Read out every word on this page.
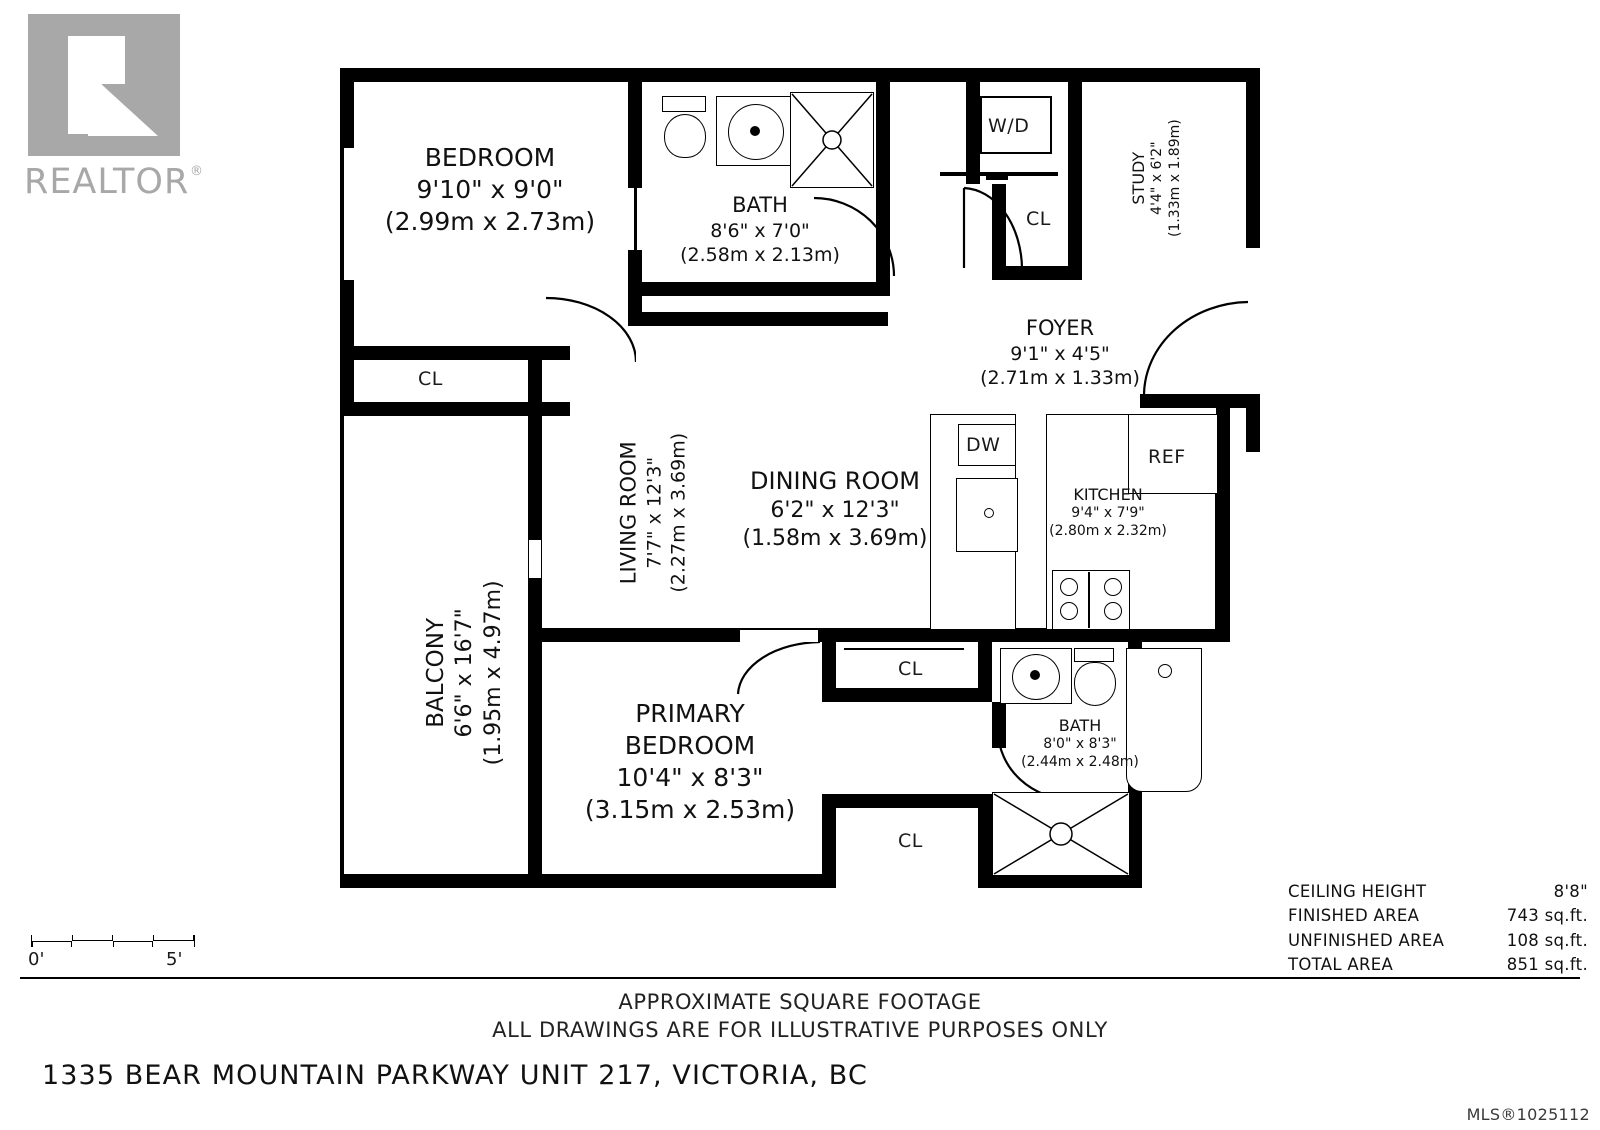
REALTOR ®	BEDROOM
9'10" x 9'0"
(2.99m x 2.73m)
BATH
8'6" x 7'0"
(2.58m x 2.13m)
STUDY 4'4" x 6'2" (1.33m x 1.89m)
FOYER
9'1" x 4'5"
(2.71m x 1.33m)
LIVING ROOM 7'7" x 12'3" (2.27m x 3.69m)	DINING ROOM
6'2" x 12'3"
(1.58m x 3.69m)
KITCHEN
9'4" x 7'9"
(2.80m x 2.32m)
BALCONY 6'6" x 16'7" (1.95m x 4.97m)	PRIMARY
BEDROOM
10'4" x 8'3"
(3.15m x 2.53m)
BATH
8'0" x 8'3"
(2.44m x 2.48m)
CL
CL
CL
CL
W/D
DW
REF
0'	5'
CEILING HEIGHT	8'8"
FINISHED AREA	743 sq.ft.
UNFINISHED AREA	108 sq.ft.
TOTAL AREA	851 sq.ft.
APPROXIMATE SQUARE FOOTAGE
ALL DRAWINGS ARE FOR ILLUSTRATIVE PURPOSES ONLY
1335 BEAR MOUNTAIN PARKWAY UNIT 217, VICTORIA, BC
MLS®1025112
